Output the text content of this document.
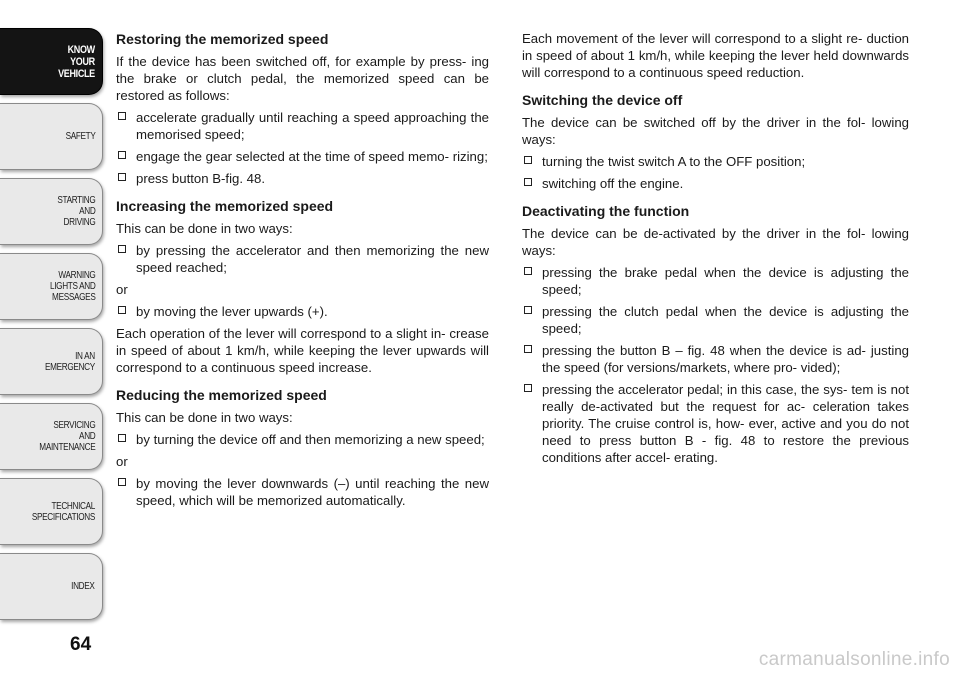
KNOW
YOUR
VEHICLE
SAFETY
STARTING
AND
DRIVING
WARNING
LIGHTS AND
MESSAGES
IN AN
EMERGENCY
SERVICING
AND
MAINTENANCE
TECHNICAL
SPECIFICATIONS
INDEX
64
Restoring the memorized speed

If the device has been switched off, for example by press- ing the brake or clutch pedal, the memorized speed can be restored as follows:

accelerate gradually until reaching a speed approaching the memorised speed;
engage the gear selected at the time of speed memo- rizing;
press button B-fig. 48.
Increasing the memorized speed

This can be done in two ways:

by pressing the accelerator and then memorizing the new speed reached;

or

by moving the lever upwards (+).

Each operation of the lever will correspond to a slight in- crease in speed of about 1 km/h, while keeping the lever upwards will correspond to a continuous speed increase.

Reducing the memorized speed

This can be done in two ways:

by turning the device off and then memorizing a new speed;

or

by moving the lever downwards (–) until reaching the new speed, which will be memorized automatically.

Each movement of the lever will correspond to a slight re- duction in speed of about 1 km/h, while keeping the lever held downwards will correspond to a continuous speed reduction.

Switching the device off

The device can be switched off by the driver in the fol- lowing ways:

turning the twist switch A to the OFF position;
switching off the engine.
Deactivating the function

The device can be de-activated by the driver in the fol- lowing ways:

pressing the brake pedal when the device is adjusting the speed;
pressing the clutch pedal when the device is adjusting the speed;
pressing the button B – fig. 48 when the device is ad- justing the speed (for versions/markets, where pro- vided);
pressing the accelerator pedal; in this case, the sys- tem is not really de-activated but the request for ac- celeration takes priority. The cruise control is, how- ever, active and you do not need to press button B - fig. 48 to restore the previous conditions after accel- erating.
carmanualsonline.info
